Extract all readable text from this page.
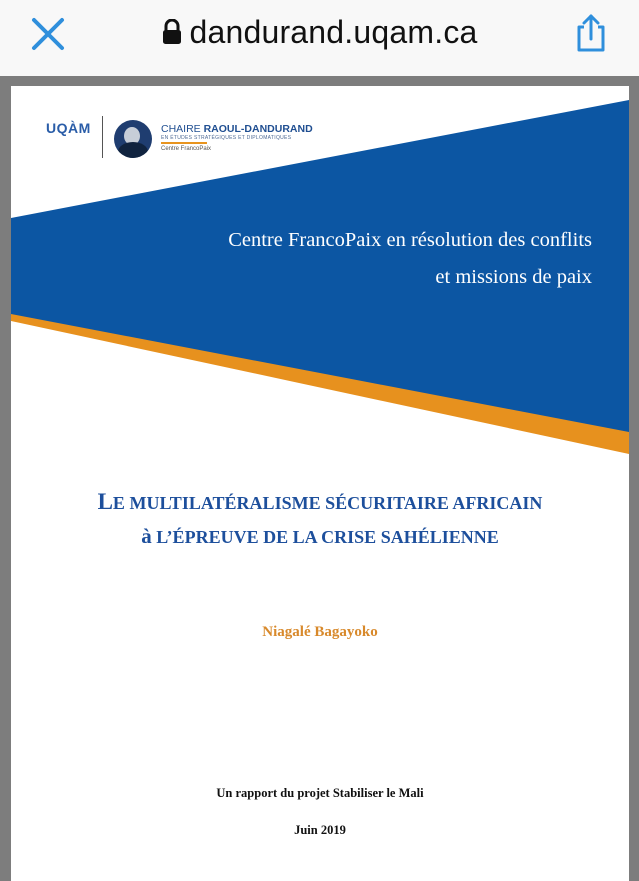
dandurand.uqam.ca
UQÀM	CHAIRE RAOUL-DANDURAND
EN ÉTUDES STRATÉGIQUES ET DIPLOMATIQUES
Centre FrancoPaix
Centre FrancoPaix en résolution des conflits
et missions de paix
LE MULTILATÉRALISME SÉCURITAIRE AFRICAIN
à L’ÉPREUVE DE LA CRISE SAHÉLIENNE
Niagalé Bagayoko
Un rapport du projet Stabiliser le Mali
Juin 2019
